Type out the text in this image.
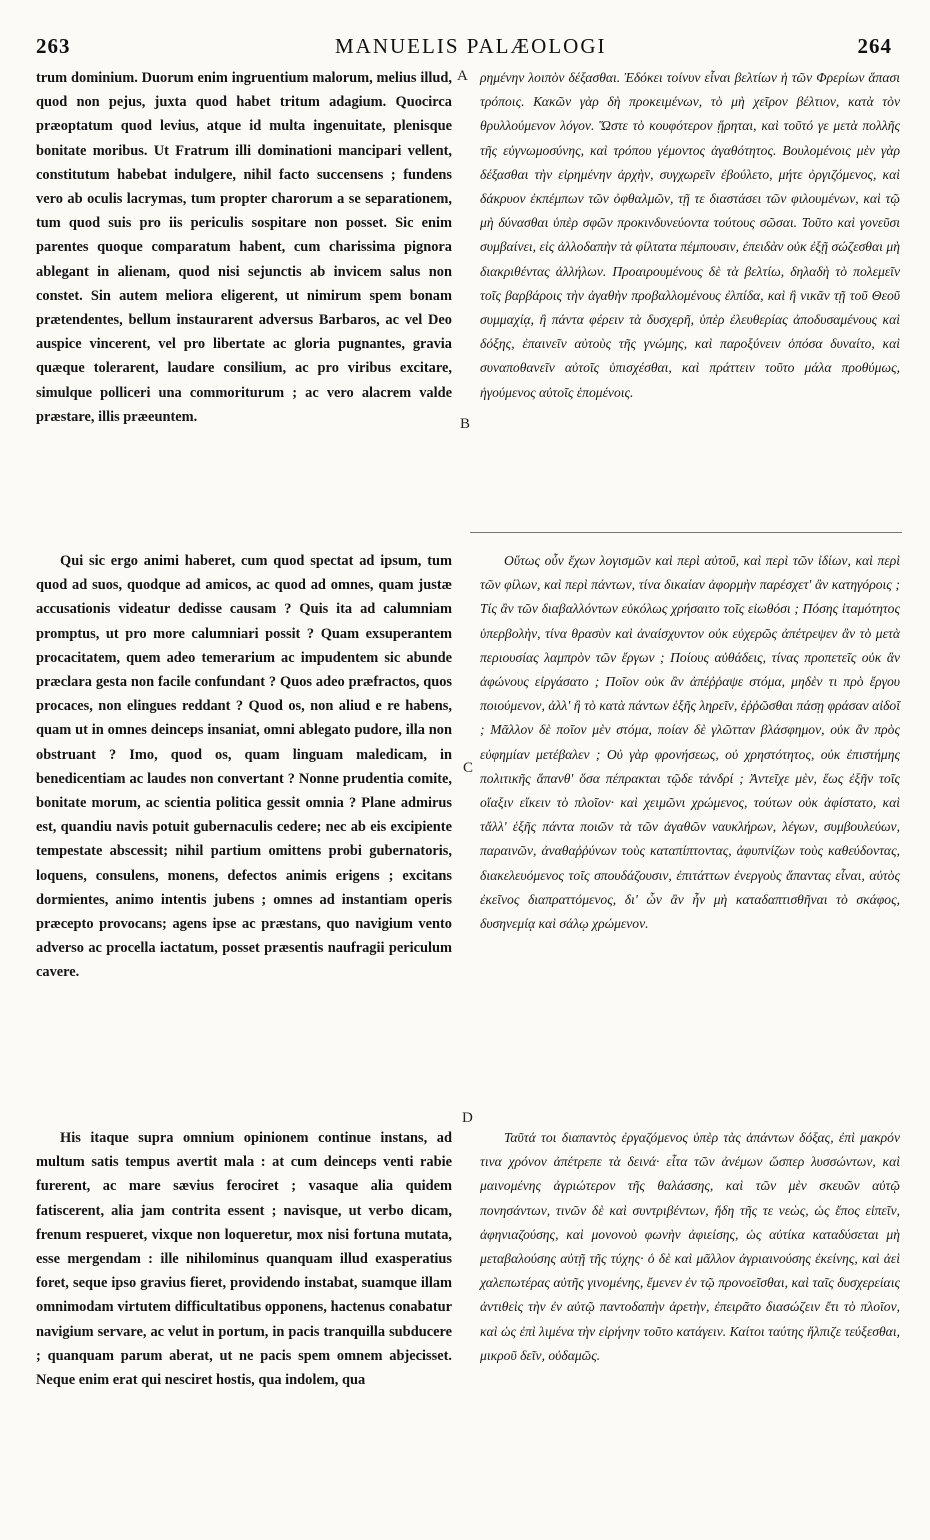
263	MANUELIS PALÆOLOGI	264

trum dominium. Duorum enim ingruentium malorum, melius illud, quod non pejus, juxta quod habet tritum adagium. Quocirca præoptatum quod levius, atque id multa ingenuitate, plenisque bonitate moribus. Ut Fratrum illi dominationi mancipari vellent, constitutum habebat indulgere, nihil facto succensens ; fundens vero ab oculis lacrymas, tum propter charorum a se separationem, tum quod suis pro iis periculis sospitare non posset. Sic enim parentes quoque comparatum habent, cum charissima pignora ablegant in alienam, quod nisi sejunctis ab invicem salus non constet. Sin autem meliora eligerent, ut nimirum spem bonam prætendentes, bellum instaurarent adversus Barbaros, ac vel Deo auspice vincerent, vel pro libertate ac gloria pugnantes, gravia quæque tolerarent, laudare consilium, ac pro viribus excitare, simulque polliceri una commoriturum ; ac vero alacrem valde præstare, illis præeuntem.

Qui sic ergo animi haberet, cum quod spectat ad ipsum, tum quod ad suos, quodque ad amicos, ac quod ad omnes, quam justæ accusationis videatur dedisse causam ? Quis ita ad calumniam promptus, ut pro more calumniari possit ? Quam exsuperantem procacitatem, quem adeo temerarium ac impudentem sic abunde præclara gesta non facile confundant ? Quos adeo præfractos, quos procaces, non elingues reddant ? Quod os, non aliud e re habens, quam ut in omnes deinceps insaniat, omni ablegato pudore, illa non obstruant ? Imo, quod os, quam linguam maledicam, in benedicentiam ac laudes non convertant ? Nonne prudentia comite, bonitate morum, ac scientia politica gessit omnia ? Plane admirus est, quandiu navis potuit gubernaculis cedere; nec ab eis excipiente tempestate abscessit; nihil partium omittens probi gubernatoris, loquens, consulens, monens, defectos animis erigens ; excitans dormientes, animo intentis jubens ; omnes ad instantiam operis præcepto provocans; agens ipse ac præstans, quo navigium vento adverso ac procella iactatum, posset præsentis naufragii periculum cavere.

His itaque supra omnium opinionem continue instans, ad multum satis tempus avertit mala : at cum deinceps venti rabie furerent, ac mare sævius ferociret ; vasaque alia quidem fatiscerent, alia jam contrita essent ; navisque, ut verbo dicam, frenum respueret, vixque non loqueretur, mox nisi fortuna mutata, esse mergendam : ille nihilominus quanquam illud exasperatius foret, seque ipso gravius fieret, providendo instabat, suamque illam omnimodam virtutem difficultatibus opponens, hactenus conabatur navigium servare, ac velut in portum, in pacis tranquilla subducere ; quanquam parum aberat, ut ne pacis spem omnem abjecisset. Neque enim erat qui nesciret hostis, qua indolem, qua

A
B
C
D

ρημένην λοιπὸν δέξασθαι. Ἐδόκει τοίνυν εἶναι βελτίων ἡ τῶν Φρερίων ἅπασι τρόποις. Κακῶν γὰρ δὴ προκειμένων, τὸ μὴ χεῖρον βέλτιον, κατὰ τὸν θρυλλούμενον λόγον. Ὥστε τὸ κουφότερον ᾕρηται, καὶ τοῦτό γε μετὰ πολλῆς τῆς εὐγνωμοσύνης, καὶ τρόπου γέμοντος ἀγαθότητος. Βουλομένοις μὲν γὰρ δέξασθαι τὴν εἰρημένην ἀρχὴν, συγχωρεῖν ἐβούλετο, μήτε ὀργιζόμενος, καὶ δάκρυον ἐκπέμπων τῶν ὀφθαλμῶν, τῇ τε διαστάσει τῶν φιλουμένων, καὶ τῷ μὴ δύνασθαι ὑπὲρ σφῶν προκινδυνεύοντα τούτους σῶσαι. Τοῦτο καὶ γονεῦσι συμβαίνει, εἰς ἀλλοδαπὴν τὰ φίλτατα πέμπουσιν, ἐπειδὰν οὐκ ἐξῇ σώζεσθαι μὴ διακριθέντας ἀλλήλων. Προαιρουμένους δὲ τὰ βελτίω, δηλαδὴ τὸ πολεμεῖν τοῖς βαρβάροις τὴν ἀγαθὴν προβαλλομένους ἐλπίδα, καὶ ἢ νικᾶν τῇ τοῦ Θεοῦ συμμαχίᾳ, ἢ πάντα φέρειν τὰ δυσχερῆ, ὑπὲρ ἐλευθερίας ἀποδυσαμένους καὶ δόξης, ἐπαινεῖν αὐτοὺς τῆς γνώμης, καὶ παροξύνειν ὁπόσα δυναίτο, καὶ συναποθανεῖν αὐτοῖς ὑπισχέσθαι, καὶ πράττειν τοῦτο μάλα προθύμως, ἡγούμενος αὐτοῖς ἑπομένοις.

Οὕτως οὖν ἔχων λογισμῶν καὶ περὶ αὐτοῦ, καὶ περὶ τῶν ἰδίων, καὶ περὶ τῶν φίλων, καὶ περὶ πάντων, τίνα δικαίαν ἀφορμὴν παρέσχετ' ἂν κατηγόροις ; Τίς ἂν τῶν διαβαλλόντων εὐκόλως χρήσαιτο τοῖς εἰωθόσι ; Πόσης ἰταμότητος ὑπερβολὴν, τίνα θρασὺν καὶ ἀναίσχυντον οὐκ εὐχερῶς ἀπέτρεψεν ἂν τὸ μετὰ περιουσίας λαμπρὸν τῶν ἔργων ; Ποίους αὐθάδεις, τίνας προπετεῖς οὐκ ἂν ἀφώνους εἰργάσατο ; Ποῖον οὐκ ἂν ἀπέῤῥαψε στόμα, μηδὲν τι πρὸ ἔργου ποιούμενον, ἀλλ' ἢ τὸ κατὰ πάντων ἑξῆς ληρεῖν, ἐῤῥῶσθαι πάσῃ φράσαν αἰδοῖ ; Μᾶλλον δὲ ποῖον μὲν στόμα, ποίαν δὲ γλῶτταν βλάσφημον, οὐκ ἂν πρὸς εὐφημίαν μετέβαλεν ; Οὐ γὰρ φρονήσεως, οὐ χρηστότητος, οὐκ ἐπιστήμης πολιτικῆς ἅπανθ' ὅσα πέπρακται τῷδε τἀνδρί ; Ἀντεῖχε μὲν, ἕως ἐξῆν τοῖς οἴαξιν εἴκειν τὸ πλοῖον· καὶ χειμῶνι χρώμενος, τούτων οὐκ ἀφίστατο, καὶ τἄλλ' ἑξῆς πάντα ποιῶν τὰ τῶν ἀγαθῶν ναυκλήρων, λέγων, συμβουλεύων, παραινῶν, ἀναθαῤῥύνων τοὺς καταπίπτοντας, ἀφυπνίζων τοὺς καθεύδοντας, διακελευόμενος τοῖς σπουδάζουσιν, ἐπιτάττων ἐνεργοὺς ἅπαντας εἶναι, αὐτὸς ἐκεῖνος διαπραττόμενος, δι' ὧν ἂν ἦν μὴ καταδαπτισθῆναι τὸ σκάφος, δυσηνεμίᾳ καὶ σάλῳ χρώμενον.

Ταῦτά τοι διαπαντὸς ἐργαζόμενος ὑπὲρ τὰς ἁπάντων δόξας, ἐπὶ μακρόν τινα χρόνον ἀπέτρεπε τὰ δεινά· εἶτα τῶν ἀνέμων ὥσπερ λυσσώντων, καὶ μαινομένης ἀγριώτερον τῆς θαλάσσης, καὶ τῶν μὲν σκευῶν αὐτῷ πονησάντων, τινῶν δὲ καὶ συντριβέντων, ἤδη τῆς τε νεὼς, ὡς ἔπος εἰπεῖν, ἀφηνιαζούσης, καὶ μονονοὺ φωνὴν ἀφιείσης, ὡς αὐτίκα καταδύσεται μὴ μεταβαλούσης αὐτῇ τῆς τύχης· ὁ δὲ καὶ μᾶλλον ἀγριαινούσης ἐκείνης, καὶ ἀεὶ χαλεπωτέρας αὐτῆς γινομένης, ἔμενεν ἐν τῷ προνοεῖσθαι, καὶ ταῖς δυσχερείαις ἀντιθεὶς τὴν ἐν αὐτῷ παντοδαπὴν ἀρετὴν, ἐπειρᾶτο διασώζειν ἔτι τὸ πλοῖον, καὶ ὡς ἐπὶ λιμένα τὴν εἰρήνην τοῦτο κατάγειν. Καίτοι ταύτης ἤλπιζε τεύξεσθαι, μικροῦ δεῖν, οὐδαμῶς.
